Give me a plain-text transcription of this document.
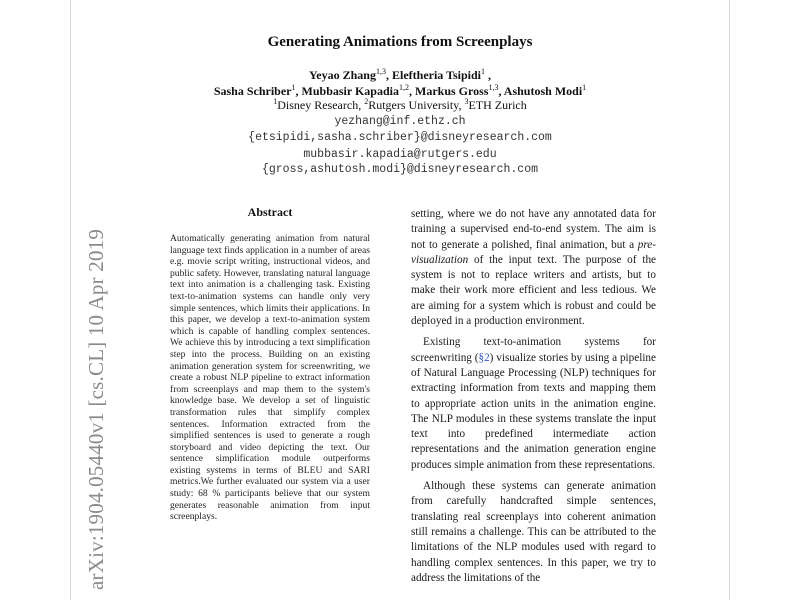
arXiv:1904.05440v1 [cs.CL] 10 Apr 2019
Generating Animations from Screenplays
Yeyao Zhang$^{1,3}$, Eleftheria Tsipidi$^1$ ,
Sasha Schriber$^1$, Mubbasir Kapadia$^{1,2}$, Markus Gross$^{1,3}$, Ashutosh Modi$^1$
$^1$Disney Research, $^2$Rutgers University, $^3$ETH Zurich
yezhang@inf.ethz.ch
{etsipidi,sasha.schriber}@disneyresearch.com
mubbasir.kapadia@rutgers.edu
{gross,ashutosh.modi}@disneyresearch.com
Abstract
Automatically generating animation from natural language text finds application in a number of areas e.g. movie script writing, instructional videos, and public safety. However, translating natural language text into animation is a challenging task. Existing text-to-animation systems can handle only very simple sentences, which limits their applications. In this paper, we develop a text-to-animation system which is capable of handling complex sentences. We achieve this by introducing a text simplification step into the process. Building on an existing animation generation system for screenwriting, we create a robust NLP pipeline to extract information from screenplays and map them to the system's knowledge base. We develop a set of linguistic transformation rules that simplify complex sentences. Information extracted from the simplified sentences is used to generate a rough storyboard and video depicting the text. Our sentence simplification module outperforms existing systems in terms of BLEU and SARI metrics.We further evaluated our system via a user study: 68 % participants believe that our system generates reasonable animation from input screenplays.

setting, where we do not have any annotated data for training a supervised end-to-end system. The aim is not to generate a polished, final animation, but a pre-visualization of the input text. The purpose of the system is not to replace writers and artists, but to make their work more efficient and less tedious. We are aiming for a system which is robust and could be deployed in a production environment.

Existing text-to-animation systems for screenwriting (§2) visualize stories by using a pipeline of Natural Language Processing (NLP) techniques for extracting information from texts and mapping them to appropriate action units in the animation engine. The NLP modules in these systems translate the input text into predefined intermediate action representations and the animation generation engine produces simple animation from these representations.

Although these systems can generate animation from carefully handcrafted simple sentences, translating real screenplays into coherent animation still remains a challenge. This can be attributed to the limitations of the NLP modules used with regard to handling complex sentences. In this paper, we try to address the limitations of the
